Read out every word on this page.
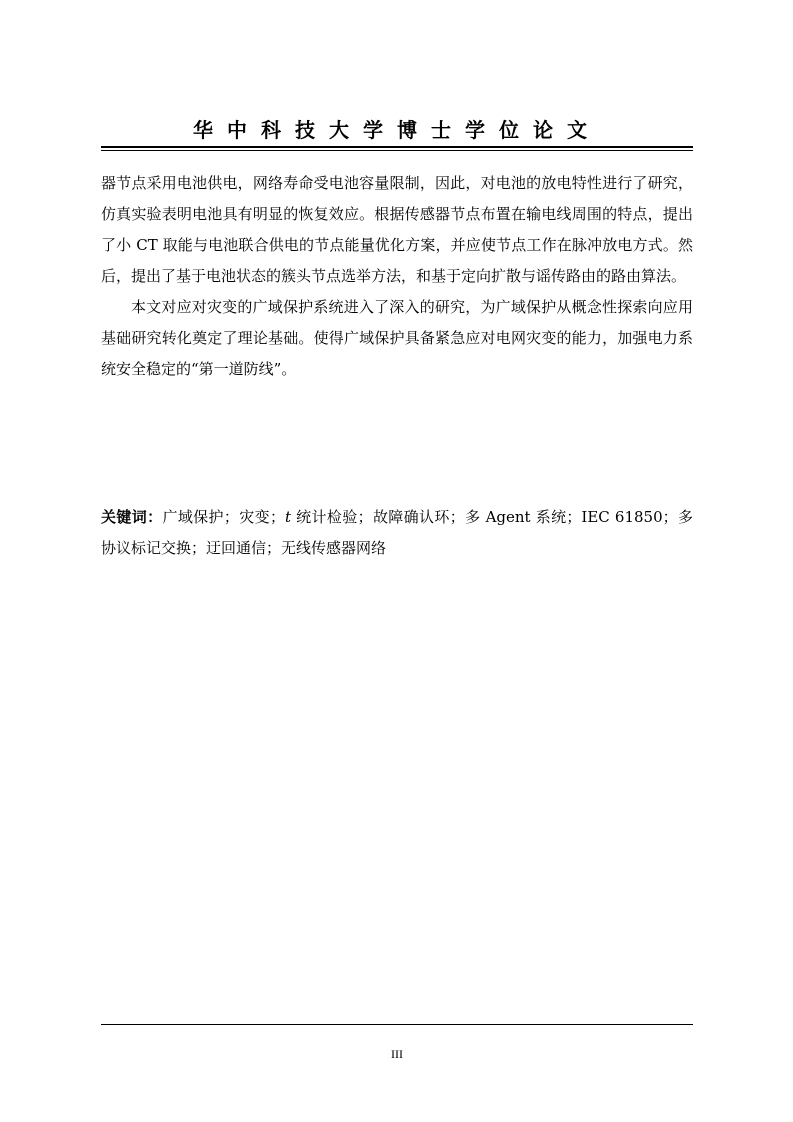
华中科技大学博士学位论文

器节点采用电池供电，网络寿命受电池容量限制，因此，对电池的放电特性进行了研究，仿真实验表明电池具有明显的恢复效应。根据传感器节点布置在输电线周围的特点，提出了小 CT 取能与电池联合供电的节点能量优化方案，并应使节点工作在脉冲放电方式。然后，提出了基于电池状态的簇头节点选举方法，和基于定向扩散与谣传路由的路由算法。

本文对应对灾变的广域保护系统进入了深入的研究，为广域保护从概念性探索向应用基础研究转化奠定了理论基础。使得广域保护具备紧急应对电网灾变的能力，加强电力系统安全稳定的“第一道防线”。

关键词：广域保护；灾变；t 统计检验；故障确认环；多 Agent 系统；IEC 61850；多协议标记交换；迂回通信；无线传感器网络
III
